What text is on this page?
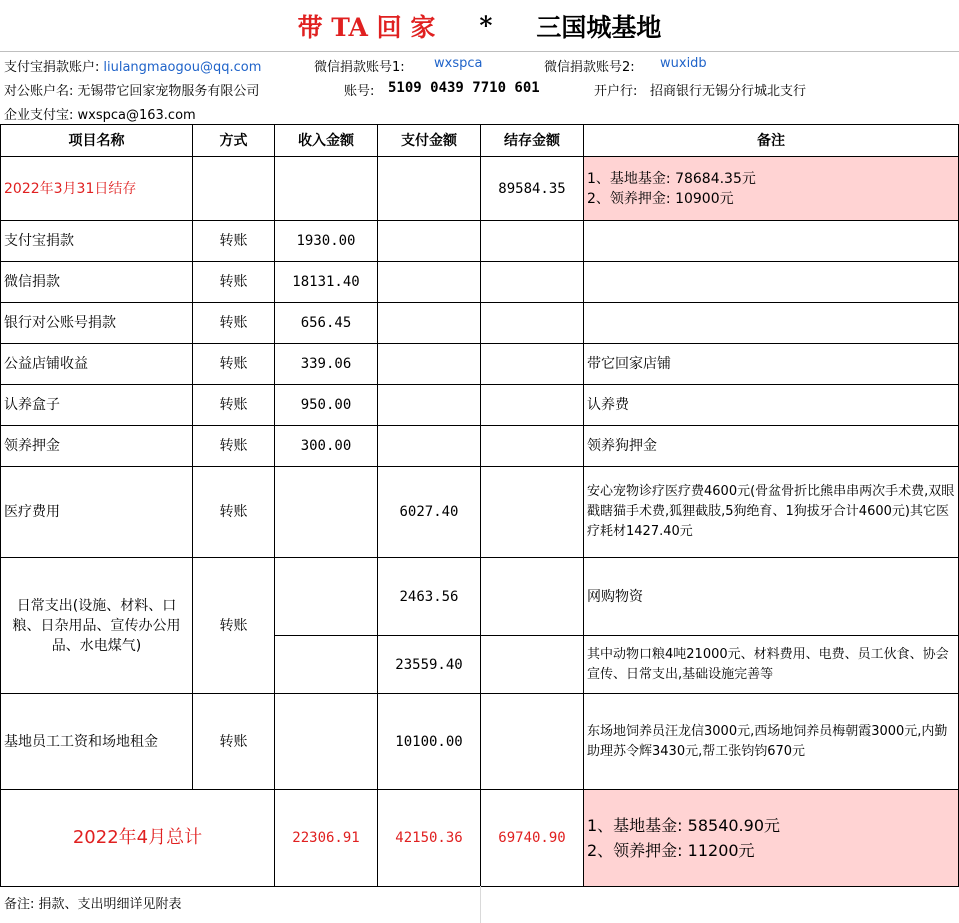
带 TA 回 家 * 三国城基地
支付宝捐款账户: liulangmaogou@qq.com	微信捐款账号1: wxspca	微信捐款账号2: wuxidb
对公账户名: 无锡带它回家宠物服务有限公司	账号: 5109 0439 7710 601	开户行: 招商银行无锡分行城北支行
企业支付宝: wxspca@163.com
项目名称	方式	收入金额	支付金额	结存金额	备注
2022年3月31日结存				89584.35	1、基地基金: 78684.35元
2、领养押金: 10900元

支付宝捐款	转账	1930.00			
微信捐款	转账	18131.40			
银行对公账号捐款	转账	656.45			
公益店铺收益	转账	339.06			带它回家店铺
认养盒子	转账	950.00			认养费
领养押金	转账	300.00			领养狗押金
医疗费用	转账		6027.40		安心宠物诊疗医疗费4600元(骨盆骨折比熊串串两次手术费,双眼戳瞎猫手术费,狐狸截肢,5狗绝育、1狗拔牙合计4600元)其它医疗耗材1427.40元
日常支出(设施、材料、口粮、日杂用品、宣传办公用品、水电煤气)	转账		2463.56		网购物资
			23559.40		其中动物口粮4吨21000元、材料费用、电费、员工伙食、协会宣传、日常支出,基础设施完善等
基地员工工资和场地租金	转账		10100.00		东场地饲养员汪龙信3000元,西场地饲养员梅朝霞3000元,内勤助理苏令辉3430元,帮工张钧钧670元
2022年4月总计		22306.91	42150.36	69740.90	1、基地基金: 58540.90元
2、领养押金: 11200元
备注: 捐款、支出明细详见附表
